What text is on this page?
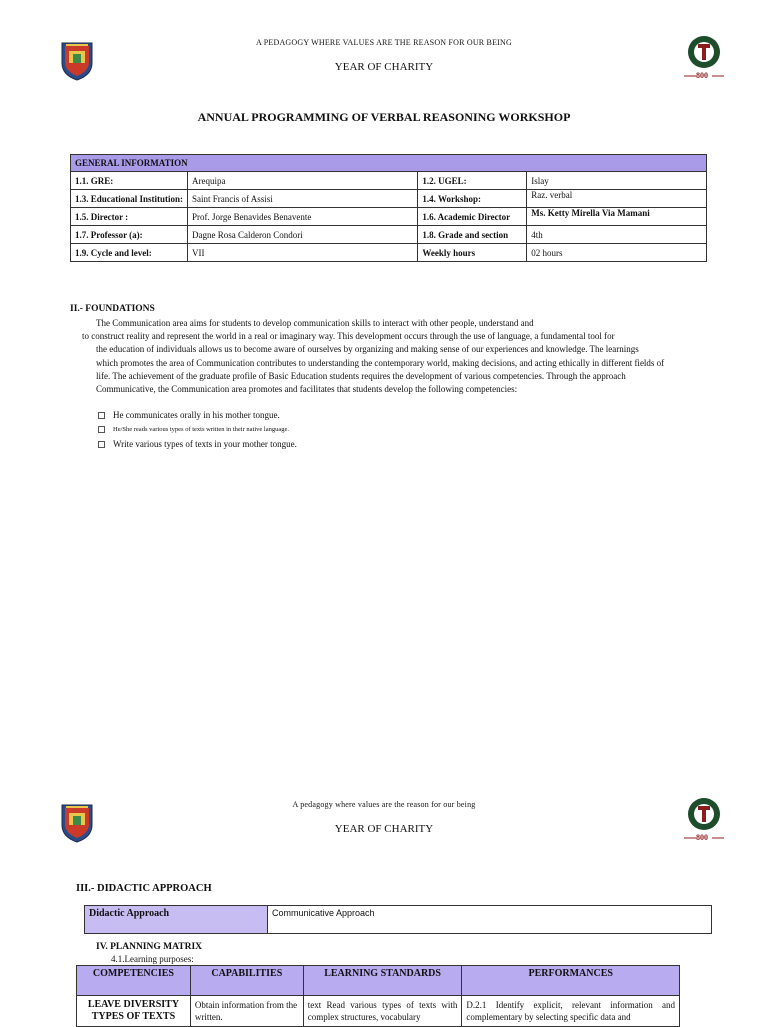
A PEDAGOGY WHERE VALUES ARE THE REASON FOR OUR BEING
YEAR OF CHARITY
800
ANNUAL PROGRAMMING OF VERBAL REASONING WORKSHOP
GENERAL INFORMATION			
1.1. GRE:	Arequipa	1.2. UGEL:	Islay
1.3. Educational Institution:	Saint Francis of Assisi	1.4. Workshop:	Raz. verbal
1.5. Director :	Prof. Jorge Benavides Benavente	1.6. Academic Director	Ms. Ketty Mirella Via Mamani
1.7. Professor (a):	Dagne Rosa Calderon Condori	1.8. Grade and section	4th
1.9. Cycle and level:	VII	Weekly hours	02 hours
II.- FOUNDATIONS
The Communication area aims for students to develop communication skills to interact with other people, understand and
to construct reality and represent the world in a real or imaginary way. This development occurs through the use of language, a fundamental tool for
the education of individuals allows us to become aware of ourselves by organizing and making sense of our experiences and knowledge. The learnings
which promotes the area of Communication contributes to understanding the contemporary world, making decisions, and acting ethically in different fields of
life. The achievement of the graduate profile of Basic Education students requires the development of various competencies. Through the approach
Communicative, the Communication area promotes and facilitates that students develop the following competencies:
He communicates orally in his mother tongue.
He/She reads various types of texts written in their native language.
Write various types of texts in your mother tongue.
A pedagogy where values are the reason for our being
YEAR OF CHARITY
800
III.- DIDACTIC APPROACH
Didactic Approach	Communicative Approach
IV. PLANNING MATRIX
4.1.Learning purposes:
COMPETENCIES	CAPABILITIES	LEARNING STANDARDS	PERFORMANCES
LEAVE DIVERSITY TYPES OF TEXTS	Obtain information from the written.	text Read various types of texts with complex structures, vocabulary	D.2.1 Identify explicit, relevant information and complementary by selecting specific data and
